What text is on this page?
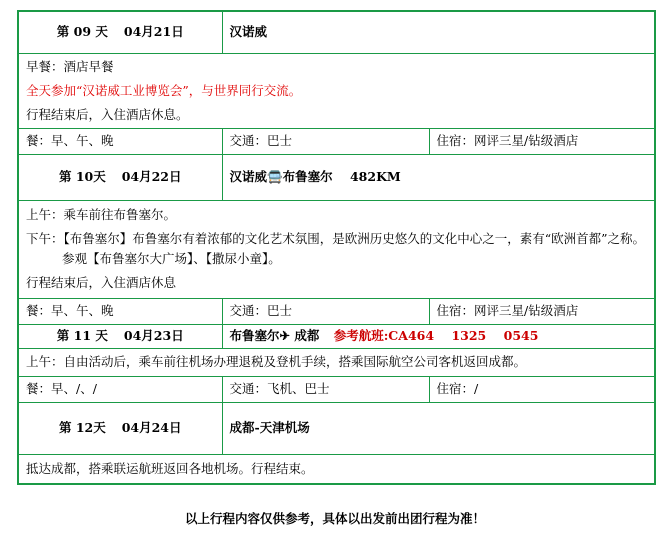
第 09 天 04月21日	汉诺威	

早餐：酒店早餐
全天参加“汉诺威工业博览会”，与世界同行交流。
行程结束后，入住酒店休息。		

餐：早、午、晚	交通：巴士	住宿：网评三星/钻级酒店
第 10天 04月22日	汉诺威🚍布鲁塞尔    482KM	

上午：乘车前往布鲁塞尔。
下午：【布鲁塞尔】布鲁塞尔有着浓郁的文化艺术氛围，是欧洲历史悠久的文化中心之一，素有“欧洲首都”之称。参观【布鲁塞尔大广场】、【撒尿小童】。
行程结束后，入住酒店休息		

餐：早、午、晚	交通：巴士	住宿：网评三星/钻级酒店
第 11 天 04月23日	布鲁塞尔✈ 成都 参考航班:CA464    1325    0545	
上午：自由活动后，乘车前往机场办理退税及登机手续，搭乘国际航空公司客机返回成都。		
餐：早、/、/	交通：飞机、巴士	住宿：/
第 12天 04月24日	成都-天津机场	
抵达成都，搭乘联运航班返回各地机场。行程结束。		
以上行程内容仅供参考，具体以出发前出团行程为准！
